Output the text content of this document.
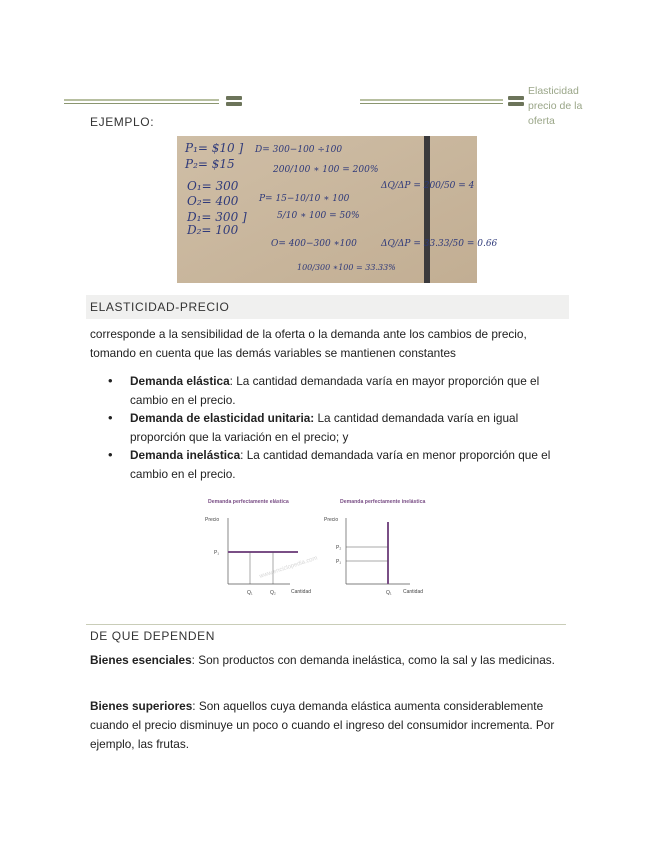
Elasticidad
precio de la
oferta
EJEMPLO:
P₁= $10 ]
P₂= $15
O₁= 300
O₂= 400
D₁= 300 ]
D₂= 100
D= 300−100 ÷100
200/100 ∗ 100 = 200%
P= 15−10/10 ∗ 100
5/10 ∗ 100 = 50%
O= 400−300 ∗100
100/300 ∗100 = 33.33%
ΔQ/ΔP = 200/50 = 4
ΔQ/ΔP = 33.33/50 = 0.66
ELASTICIDAD-PRECIO
corresponde a la sensibilidad de la oferta o la demanda ante los cambios de precio, tomando en cuenta que las demás variables se mantienen constantes
• Demanda elástica: La cantidad demandada varía en mayor proporción que el cambio en el precio.
• Demanda de elasticidad unitaria: La cantidad demandada varía en igual proporción que la variación en el precio; y
• Demanda inelástica: La cantidad demandada varía en menor proporción que el cambio en el precio.
Demanda perfectamente elástica	Demanda perfectamente inelástica
Precio	Precio
Cantidad	Cantidad
P₁
Q₁	Q₂
P₂
P₁
Q₁
www.enciclopedia.com
DE QUE DEPENDEN
Bienes esenciales: Son productos con demanda inelástica, como la sal y las medicinas.
Bienes superiores: Son aquellos cuya demanda elástica aumenta considerablemente cuando el precio disminuye un poco o cuando el ingreso del consumidor incrementa. Por ejemplo, las frutas.
